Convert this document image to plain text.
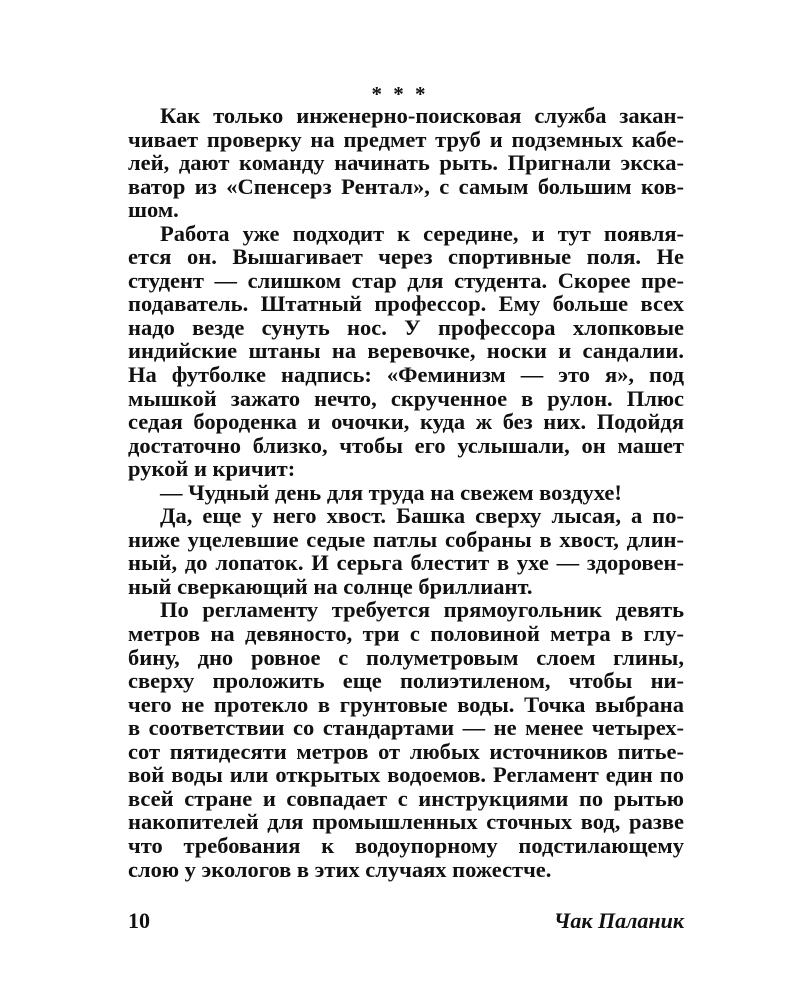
* * *
Как только инженерно-поисковая служба закан-
чивает проверку на предмет труб и подземных кабе-
лей, дают команду начинать рыть. Пригнали экска-
ватор из «Спенсерз Рентал», с самым большим ков-
шом.
Работа уже подходит к середине, и тут появля-
ется он. Вышагивает через спортивные поля. Не
студент — слишком стар для студента. Скорее пре-
подаватель. Штатный профессор. Ему больше всех
надо везде сунуть нос. У профессора хлопковые
индийские штаны на веревочке, носки и сандалии.
На футболке надпись: «Феминизм — это я», под
мышкой зажато нечто, скрученное в рулон. Плюс
седая бороденка и очочки, куда ж без них. Подойдя
достаточно близко, чтобы его услышали, он машет
рукой и кричит:
— Чудный день для труда на свежем воздухе!
Да, еще у него хвост. Башка сверху лысая, а по-
ниже уцелевшие седые патлы собраны в хвост, длин-
ный, до лопаток. И серьга блестит в ухе — здоровен-
ный сверкающий на солнце бриллиант.
По регламенту требуется прямоугольник девять
метров на девяносто, три с половиной метра в глу-
бину, дно ровное с полуметровым слоем глины,
сверху проложить еще полиэтиленом, чтобы ни-
чего не протекло в грунтовые воды. Точка выбрана
в соответствии со стандартами — не менее четырех-
сот пятидесяти метров от любых источников питье-
вой воды или открытых водоемов. Регламент един по
всей стране и совпадает с инструкциями по рытью
накопителей для промышленных сточных вод, разве
что требования к водоупорному подстилающему
слою у экологов в этих случаях пожестче.
10	Чак Паланик
